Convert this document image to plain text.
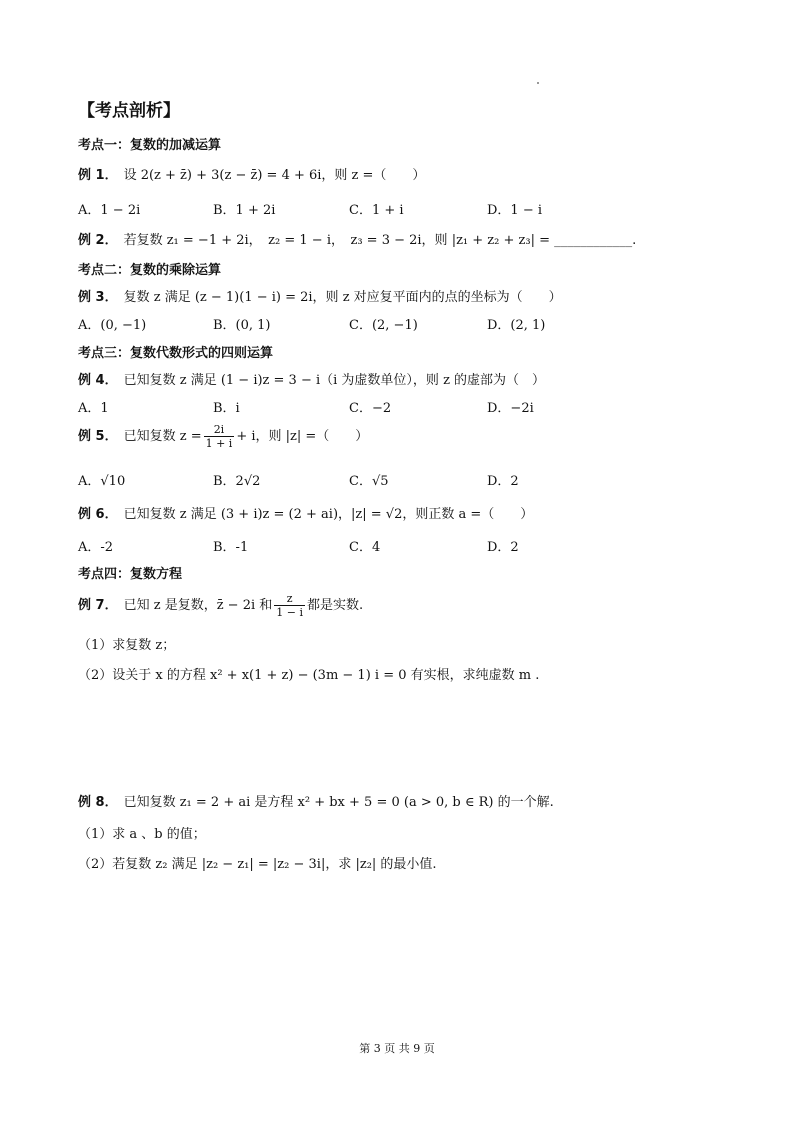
【考点剖析】
考点一：复数的加减运算
例 1． 设 2(z + z̄) + 3(z − z̄) = 4 + 6i，则 z =（　　）
A．1 − 2i	B．1 + 2i	C．1 + i	D．1 − i
例 2． 若复数 z₁ = −1 + 2i，　z₂ = 1 − i，　z₃ = 3 − 2i，则 |z₁ + z₂ + z₃| = ____________.
考点二：复数的乘除运算
例 3． 复数 z 满足 (z − 1)(1 − i) = 2i，则 z 对应复平面内的点的坐标为（　　）
A．(0, −1)	B．(0, 1)	C．(2, −1)	D．(2, 1)
考点三：复数代数形式的四则运算
例 4． 已知复数 z 满足 (1 − i)z = 3 − i（i 为虚数单位），则 z 的虚部为（　）
A．1	B．i	C．−2	D．−2i
例 5． 已知复数 $z = \frac{2i}{1 + i} + i$，则 |z| =（　　）
A．√10	B．2√2	C．√5	D．2
例 6． 已知复数 z 满足 (3 + i)z = (2 + ai)，|z| = √2，则正数 a =（　　）
A．-2	B．-1	C．4	D．2
考点四：复数方程
例 7． 已知 z 是复数，z̄ − 2i 和 $\frac{z}{1 - i}$ 都是实数.
（1）求复数 z；
（2）设关于 x 的方程 x² + x(1 + z) − (3m − 1) i = 0 有实根，求纯虚数 m .
例 8． 已知复数 z₁ = 2 + ai 是方程 x² + bx + 5 = 0 (a > 0, b ∈ R) 的一个解.
（1）求 a 、b 的值；
（2）若复数 z₂ 满足 |z₂ − z₁| = |z₂ − 3i|，求 |z₂| 的最小值.
第 3 页 共 9 页
